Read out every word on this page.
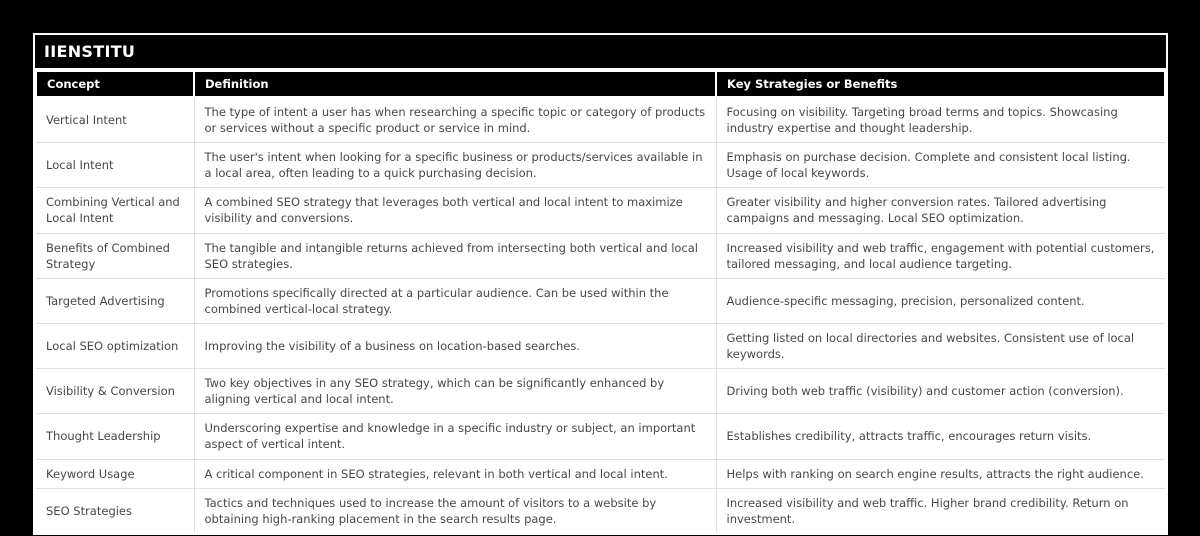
IIENSTITU
Concept	Definition	Key Strategies or Benefits
Vertical Intent	The type of intent a user has when researching a specific topic or category of products or services without a specific product or service in mind.	Focusing on visibility. Targeting broad terms and topics. Showcasing industry expertise and thought leadership.
Local Intent	The user's intent when looking for a specific business or products/services available in a local area, often leading to a quick purchasing decision.	Emphasis on purchase decision. Complete and consistent local listing. Usage of local keywords.
Combining Vertical and Local Intent	A combined SEO strategy that leverages both vertical and local intent to maximize visibility and conversions.	Greater visibility and higher conversion rates. Tailored advertising campaigns and messaging. Local SEO optimization.
Benefits of Combined Strategy	The tangible and intangible returns achieved from intersecting both vertical and local SEO strategies.	Increased visibility and web traffic, engagement with potential customers, tailored messaging, and local audience targeting.
Targeted Advertising	Promotions specifically directed at a particular audience. Can be used within the combined vertical-local strategy.	Audience-specific messaging, precision, personalized content.
Local SEO optimization	Improving the visibility of a business on location-based searches.	Getting listed on local directories and websites. Consistent use of local keywords.
Visibility & Conversion	Two key objectives in any SEO strategy, which can be significantly enhanced by aligning vertical and local intent.	Driving both web traffic (visibility) and customer action (conversion).
Thought Leadership	Underscoring expertise and knowledge in a specific industry or subject, an important aspect of vertical intent.	Establishes credibility, attracts traffic, encourages return visits.
Keyword Usage	A critical component in SEO strategies, relevant in both vertical and local intent.	Helps with ranking on search engine results, attracts the right audience.
SEO Strategies	Tactics and techniques used to increase the amount of visitors to a website by obtaining high-ranking placement in the search results page.	Increased visibility and web traffic. Higher brand credibility. Return on investment.
